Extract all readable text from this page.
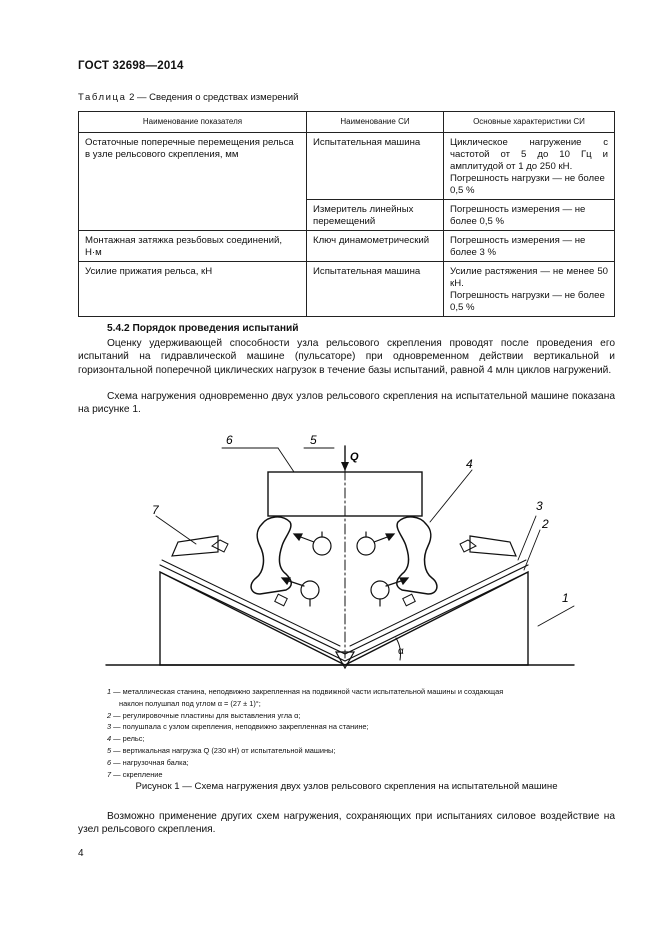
ГОСТ 32698—2014
Таблица 2 — Сведения о средствах измерений
Наименование показателя	Наименование СИ	Основные характеристики СИ
Остаточные поперечные перемещения рельса в узле рельсового скрепления, мм	Испытательная машина	Циклическое нагружение с частотой от 5 до 10 Гц и амплитудой от 1 до 250 кН.
Погрешность нагрузки — не более 0,5 %

	Измеритель линейных перемещений	Погрешность измерения — не более 0,5 %
Монтажная затяжка резьбовых соединений, Н·м	Ключ динамометрический	Погрешность измерения — не более 3 %
Усилие прижатия рельса, кН	Испытательная машина	Усилие растяжения — не менее 50 кН.
Погрешность нагрузки — не более 0,5 %
5.4.2 Порядок проведения испытаний
Оценку удерживающей способности узла рельсового скрепления проводят после проведения его испытаний на гидравлической машине (пульсаторе) при одновременном действии вертикальной и горизонтальной поперечной циклических нагрузок в течение базы испытаний, равной 4 млн циклов нагружений.
Схема нагружения одновременно двух узлов рельсового скрепления на испытательной машине показана на рисунке 1.
6	5
Q	4
3
2
1
7
α
1 — металлическая станина, неподвижно закрепленная на подвижной части испытательной машины и создающая
наклон полушпал под углом α = (27 ± 1)°;
2 — регулировочные пластины для выставления угла α;
3 — полушпала с узлом скрепления, неподвижно закрепленная на станине;
4 — рельс;
5 — вертикальная нагрузка Q (230 кН) от испытательной машины;
6 — нагрузочная балка;
7 — скрепление
Рисунок 1 — Схема нагружения двух узлов рельсового скрепления на испытательной машине
Возможно применение других схем нагружения, сохраняющих при испытаниях силовое воздействие на узел рельсового скрепления.
4
